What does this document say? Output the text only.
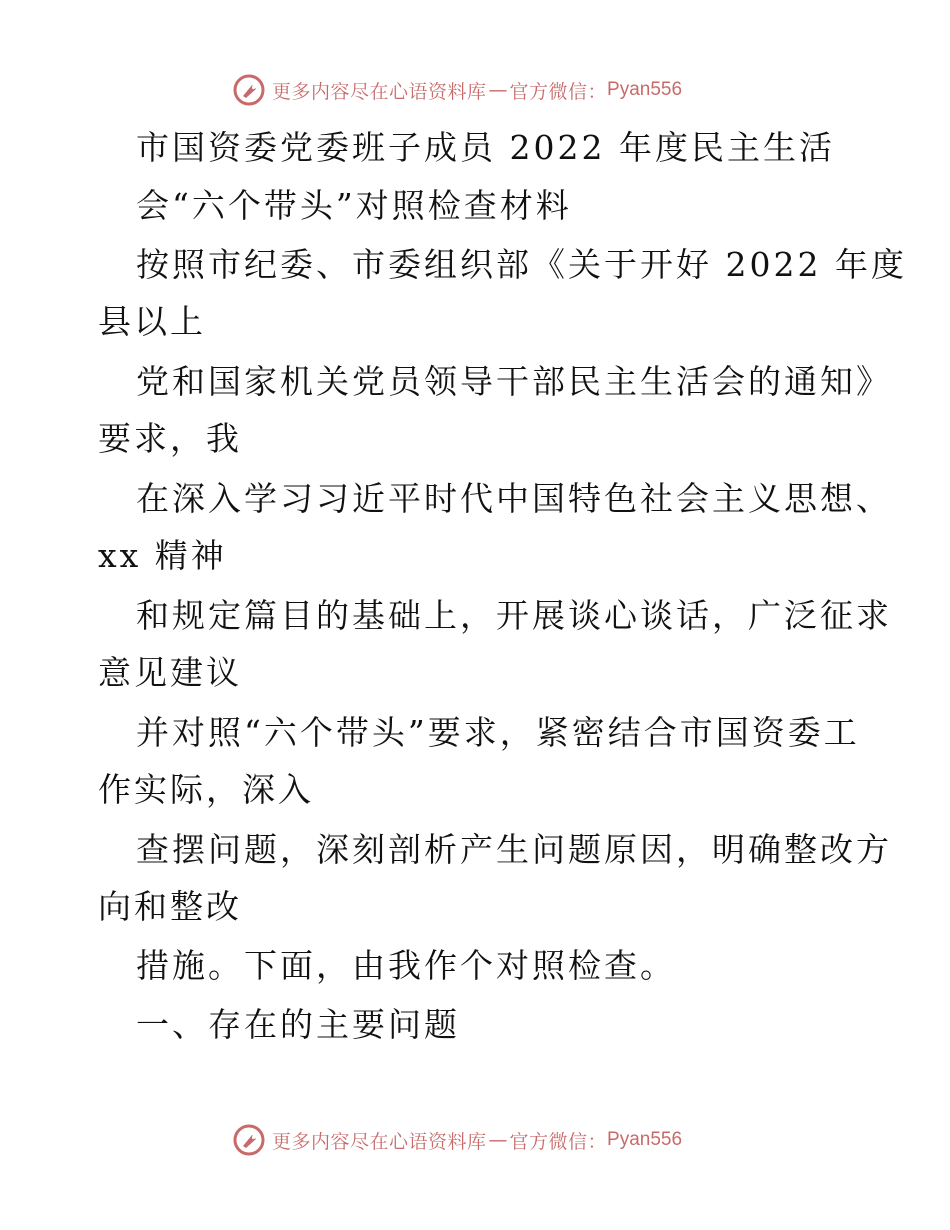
更多内容尽在心语资料库 — 官方微信： Pyan556
市国资委党委班子成员 2022 年度民主生活
会“六个带头”对照检查材料
按照市纪委、市委组织部《关于开好 2022 年度
县以上
党和国家机关党员领导干部民主生活会的通知》
要求，我
在深入学习习近平时代中国特色社会主义思想、
xx 精神
和规定篇目的基础上，开展谈心谈话，广泛征求
意见建议
并对照“六个带头”要求，紧密结合市国资委工
作实际，深入
查摆问题，深刻剖析产生问题原因，明确整改方
向和整改
措施。下面，由我作个对照检查。
一、存在的主要问题
更多内容尽在心语资料库 — 官方微信： Pyan556
